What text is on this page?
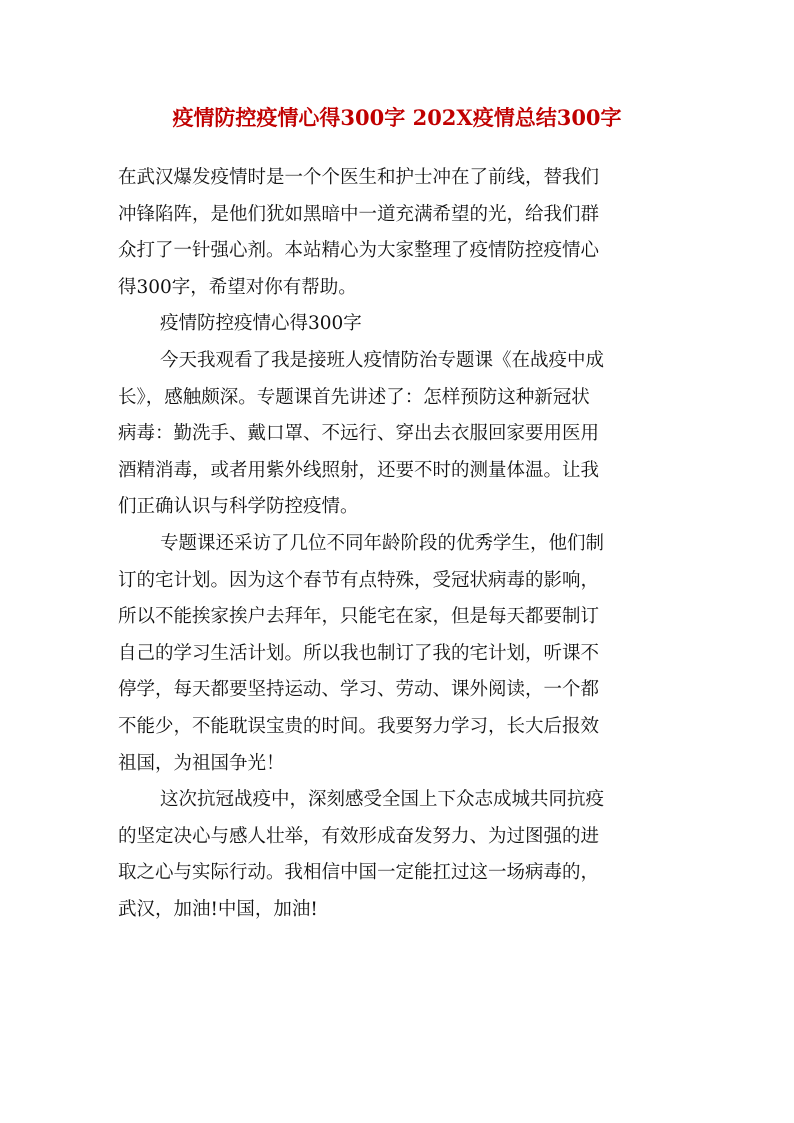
疫情防控疫情心得300字 202X疫情总结300字
在武汉爆发疫情时是一个个医生和护士冲在了前线，替我们
冲锋陷阵，是他们犹如黑暗中一道充满希望的光，给我们群
众打了一针强心剂。本站精心为大家整理了疫情防控疫情心
得300字，希望对你有帮助。
疫情防控疫情心得300字
今天我观看了我是接班人疫情防治专题课《在战疫中成
长》，感触颇深。专题课首先讲述了：怎样预防这种新冠状
病毒：勤洗手、戴口罩、不远行、穿出去衣服回家要用医用
酒精消毒，或者用紫外线照射，还要不时的测量体温。让我
们正确认识与科学防控疫情。
专题课还采访了几位不同年龄阶段的优秀学生，他们制
订的宅计划。因为这个春节有点特殊，受冠状病毒的影响，
所以不能挨家挨户去拜年，只能宅在家，但是每天都要制订
自己的学习生活计划。所以我也制订了我的宅计划，听课不
停学，每天都要坚持运动、学习、劳动、课外阅读，一个都
不能少，不能耽误宝贵的时间。我要努力学习，长大后报效
祖国，为祖国争光！
这次抗冠战疫中，深刻感受全国上下众志成城共同抗疫
的坚定决心与感人壮举，有效形成奋发努力、为过图强的进
取之心与实际行动。我相信中国一定能扛过这一场病毒的，
武汉，加油!中国，加油!
